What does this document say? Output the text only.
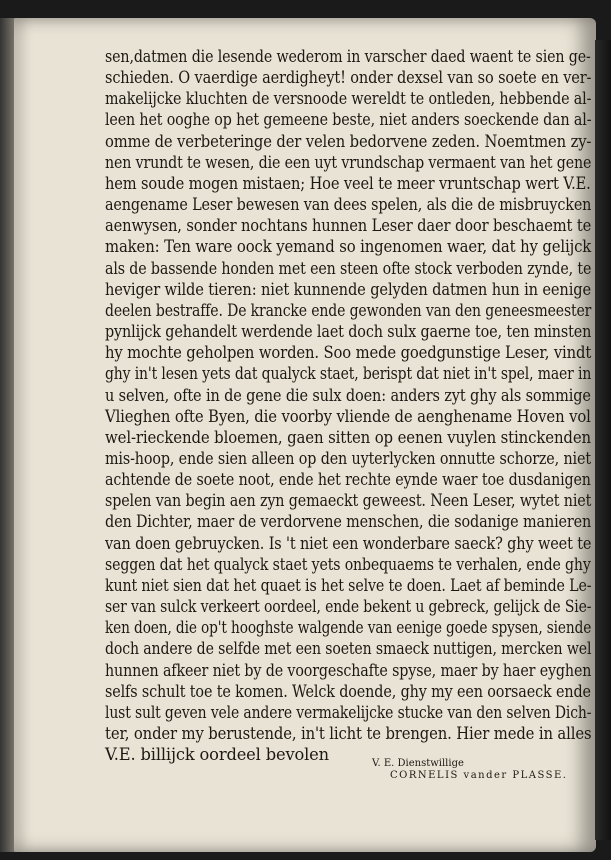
sen,datmen die lesende wederom in varscher daed waent te sien ge-
schieden. O vaerdige aerdigheyt! onder dexsel van so soete en ver-
makelijcke kluchten de versnoode wereldt te ontleden, hebbende al-
leen het ooghe op het gemeene beste, niet anders soeckende dan al-
omme de verbeteringe der velen bedorvene zeden. Noemtmen zy-
nen vrundt te wesen, die een uyt vrundschap vermaent van het gene
hem soude mogen mistaen; Hoe veel te meer vruntschap wert V.E.
aengename Leser bewesen van dees spelen, als die de misbruycken
aenwysen, sonder nochtans hunnen Leser daer door beschaemt te
maken: Ten ware oock yemand so ingenomen waer, dat hy gelijck
als de bassende honden met een steen ofte stock verboden zynde, te
heviger wilde tieren: niet kunnende gelyden datmen hun in eenige
deelen bestraffe. De krancke ende gewonden van den geneesmeester
pynlijck gehandelt werdende laet doch sulx gaerne toe, ten minsten
hy mochte geholpen worden. Soo mede goedgunstige Leser, vindt
ghy in't lesen yets dat qualyck staet, berispt dat niet in't spel, maer in
u selven, ofte in de gene die sulx doen: anders zyt ghy als sommige
Vlieghen ofte Byen, die voorby vliende de aenghename Hoven vol
wel-rieckende bloemen, gaen sitten op eenen vuylen stinckenden
mis-hoop, ende sien alleen op den uyterlycken onnutte schorze, niet
achtende de soete noot, ende het rechte eynde waer toe dusdanigen
spelen van begin aen zyn gemaeckt geweest. Neen Leser, wytet niet
den Dichter, maer de verdorvene menschen, die sodanige manieren
van doen gebruycken. Is 't niet een wonderbare saeck? ghy weet te
seggen dat het qualyck staet yets onbequaems te verhalen, ende ghy
kunt niet sien dat het quaet is het selve te doen. Laet af beminde Le-
ser van sulck verkeert oordeel, ende bekent u gebreck, gelijck de Sie-
ken doen, die op't hooghste walgende van eenige goede spysen, siende
doch andere de selfde met een soeten smaeck nuttigen, mercken wel
hunnen afkeer niet by de voorgeschafte spyse, maer by haer eyghen
selfs schult toe te komen. Welck doende, ghy my een oorsaeck ende
lust sult geven vele andere vermakelijcke stucke van den selven Dich-
ter, onder my berustende, in't licht te brengen. Hier mede in alles
V.E. billijck oordeel bevolen	V. E. Dienstwillige
CORNELIS vander PLASSE.
